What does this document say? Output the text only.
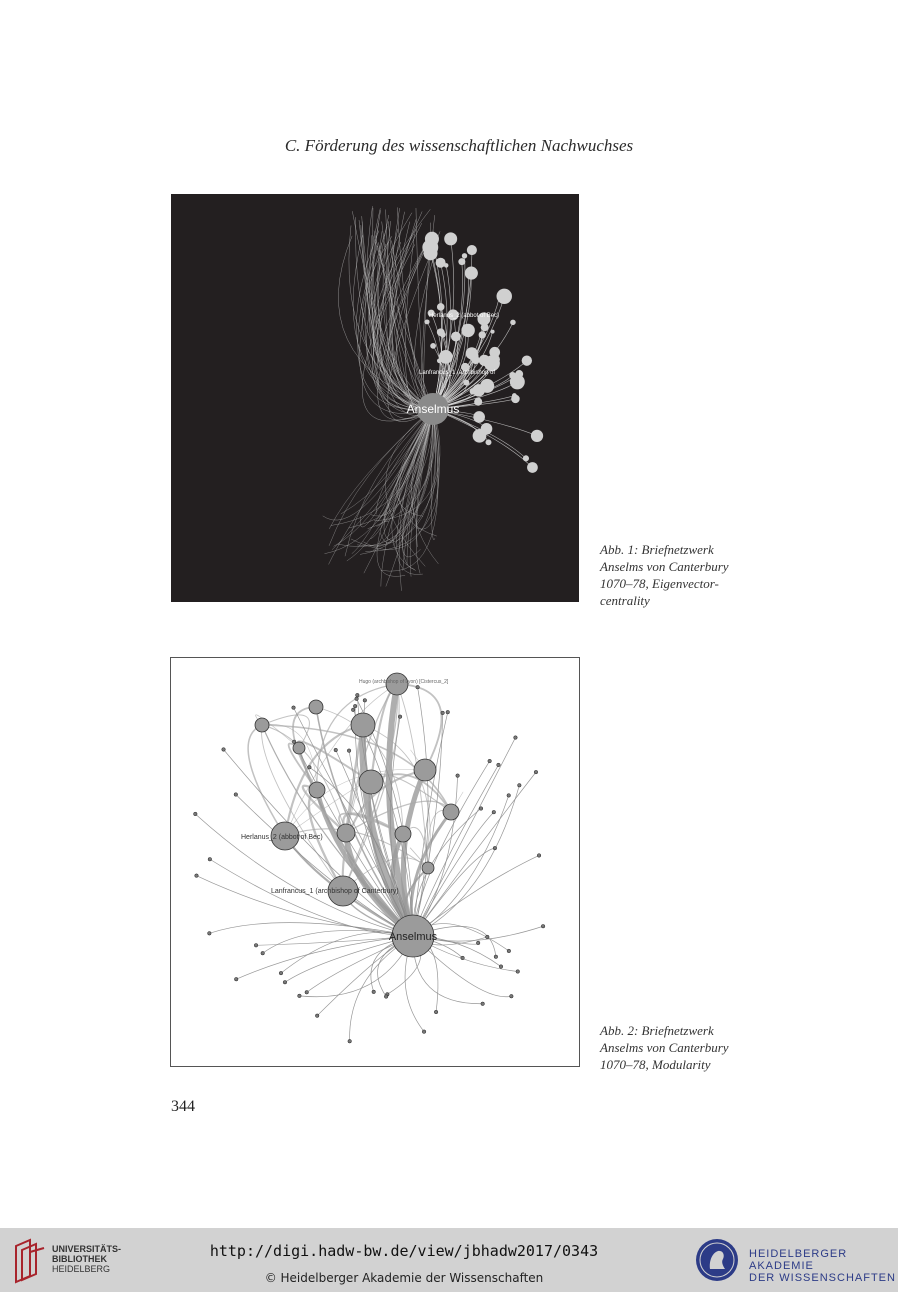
C. Förderung des wissenschaftlichen Nachwuchses
Anselmus
Herlanus_2 (abbot of Bec)
Lanfrancus_1 (archbishop of
Abb. 1: Briefnetzwerk
Anselms von Canterbury
1070–78, Eigenvector-
centrality
Anselmus
Hugo (archbishop of Lyon) [Cistercus_2]
Herlanus_2 (abbot of Bec)
Lanfrancus_1 (archbishop of Canterbury)
Abb. 2: Briefnetzwerk
Anselms von Canterbury
1070–78, Modularity
344
UNIVERSITÄTS-
BIBLIOTHEK
HEIDELBERG
http://digi.hadw-bw.de/view/jbhadw2017/0343
© Heidelberger Akademie der Wissenschaften
HEIDELBERGER AKADEMIE
DER WISSENSCHAFTEN
